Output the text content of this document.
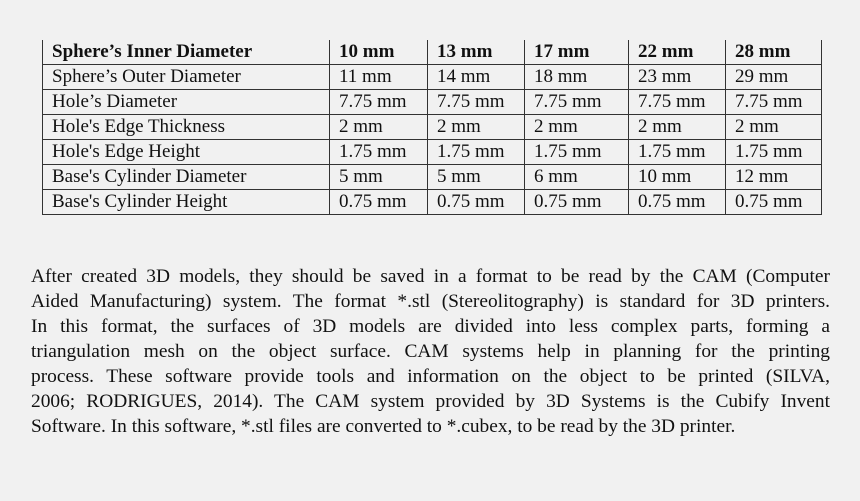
Sphere’s Inner Diameter	10 mm	13 mm	17 mm	22 mm	28 mm
Sphere’s Outer Diameter	11 mm	14 mm	18 mm	23 mm	29 mm
Hole’s Diameter	7.75 mm	7.75 mm	7.75 mm	7.75 mm	7.75 mm
Hole's Edge Thickness	2 mm	2 mm	2 mm	2 mm	2 mm
Hole's Edge Height	1.75 mm	1.75 mm	1.75 mm	1.75 mm	1.75 mm
Base's Cylinder Diameter	5 mm	5 mm	6 mm	10 mm	12 mm
Base's Cylinder Height	0.75 mm	0.75 mm	0.75 mm	0.75 mm	0.75 mm

After created 3D models, they should be saved in a format to be read by the CAM (Computer
Aided Manufacturing) system. The format *.stl (Stereolitography) is standard for 3D printers.
In this format, the surfaces of 3D models are divided into less complex parts, forming a
triangulation mesh on the object surface. CAM systems help in planning for the printing
process. These software provide tools and information on the object to be printed (SILVA,
2006; RODRIGUES, 2014). The CAM system provided by 3D Systems is the Cubify Invent
Software. In this software, *.stl files are converted to *.cubex, to be read by the 3D printer.
